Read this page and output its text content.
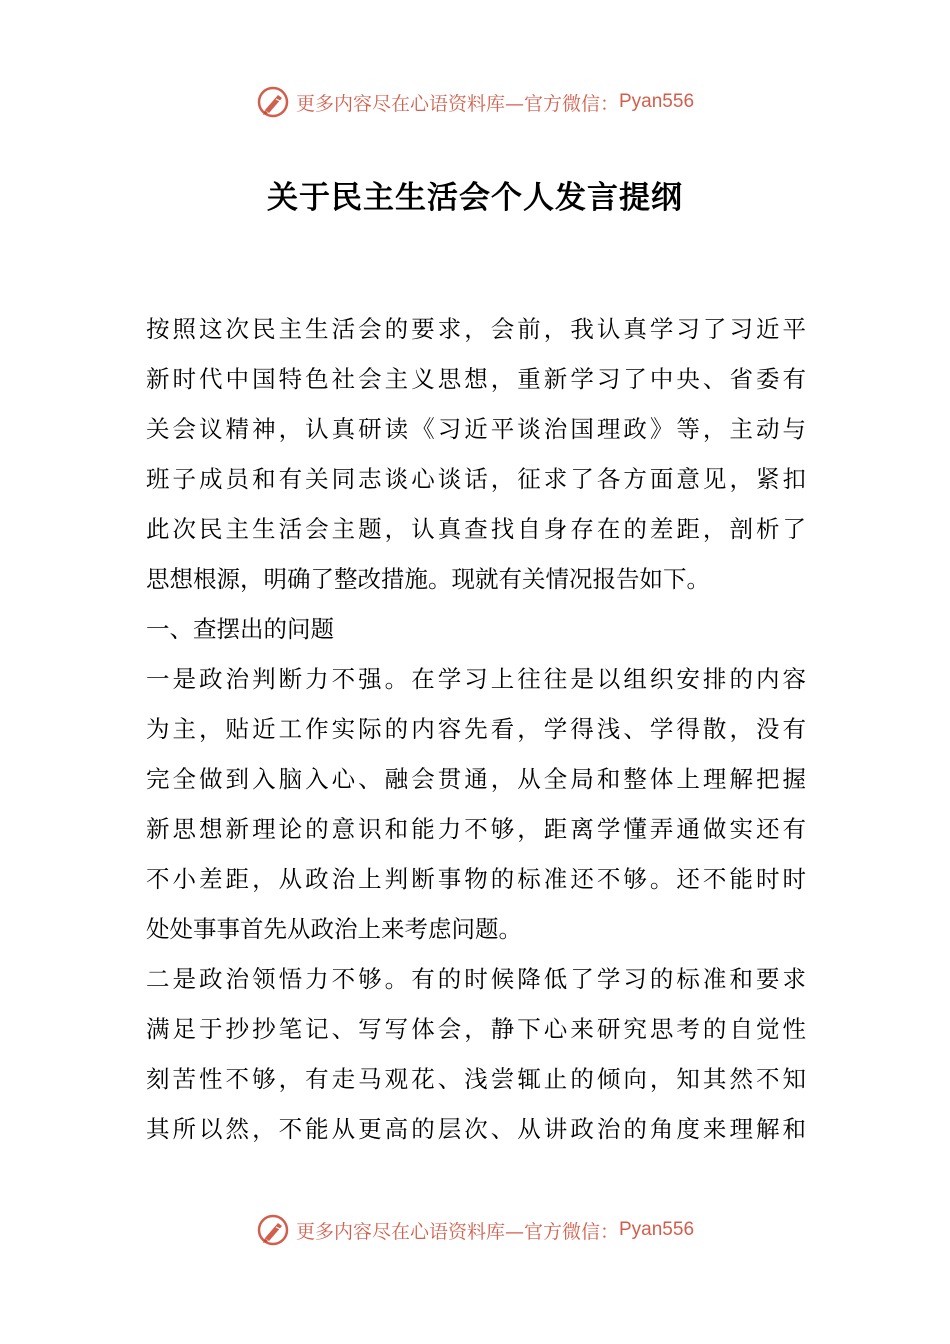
更多内容尽在心语资料库—官方微信： Pyan556
关于民主生活会个人发言提纲
按照这次民主生活会的要求，会前，我认真学习了习近平
新时代中国特色社会主义思想，重新学习了中央、省委有
关会议精神，认真研读《习近平谈治国理政》等，主动与
班子成员和有关同志谈心谈话，征求了各方面意见，紧扣
此次民主生活会主题，认真查找自身存在的差距，剖析了
思想根源，明确了整改措施。现就有关情况报告如下。
一、查摆出的问题
一是政治判断力不强。在学习上往往是以组织安排的内容
为主，贴近工作实际的内容先看，学得浅、学得散，没有
完全做到入脑入心、融会贯通，从全局和整体上理解把握
新思想新理论的意识和能力不够，距离学懂弄通做实还有
不小差距，从政治上判断事物的标准还不够。还不能时时
处处事事首先从政治上来考虑问题。
二是政治领悟力不够。有的时候降低了学习的标准和要求
满足于抄抄笔记、写写体会，静下心来研究思考的自觉性
刻苦性不够，有走马观花、浅尝辄止的倾向，知其然不知
其所以然，不能从更高的层次、从讲政治的角度来理解和
更多内容尽在心语资料库—官方微信： Pyan556
